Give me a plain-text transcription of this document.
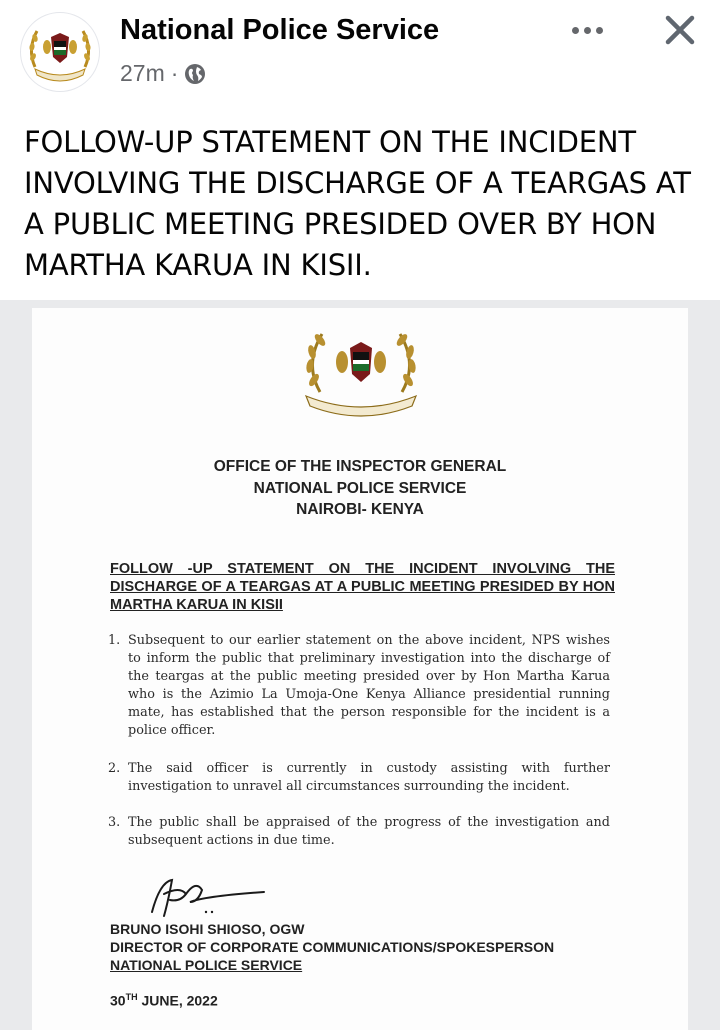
National Police Service
27m ·
FOLLOW-UP STATEMENT ON THE INCIDENT INVOLVING THE DISCHARGE OF A TEARGAS AT A PUBLIC MEETING PRESIDED OVER BY HON MARTHA KARUA IN KISII.
OFFICE OF THE INSPECTOR GENERAL
NATIONAL POLICE SERVICE
NAIROBI- KENYA
FOLLOW -UP STATEMENT ON THE INCIDENT INVOLVING THE
DISCHARGE OF A TEARGAS AT A PUBLIC MEETING PRESIDED BY HON
MARTHA KARUA IN KISII
1. Subsequent to our earlier statement on the above incident, NPS wishes to inform the public that preliminary investigation into the discharge of the teargas at the public meeting presided over by Hon Martha Karua who is the Azimio La Umoja-One Kenya Alliance presidential running mate, has established that the person responsible for the incident is a police officer.
2. The said officer is currently in custody assisting with further investigation to unravel all circumstances surrounding the incident.
3. The public shall be appraised of the progress of the investigation and subsequent actions in due time.
BRUNO ISOHI SHIOSO, OGW
DIRECTOR OF CORPORATE COMMUNICATIONS/SPOKESPERSON
NATIONAL POLICE SERVICE
30TH JUNE, 2022
